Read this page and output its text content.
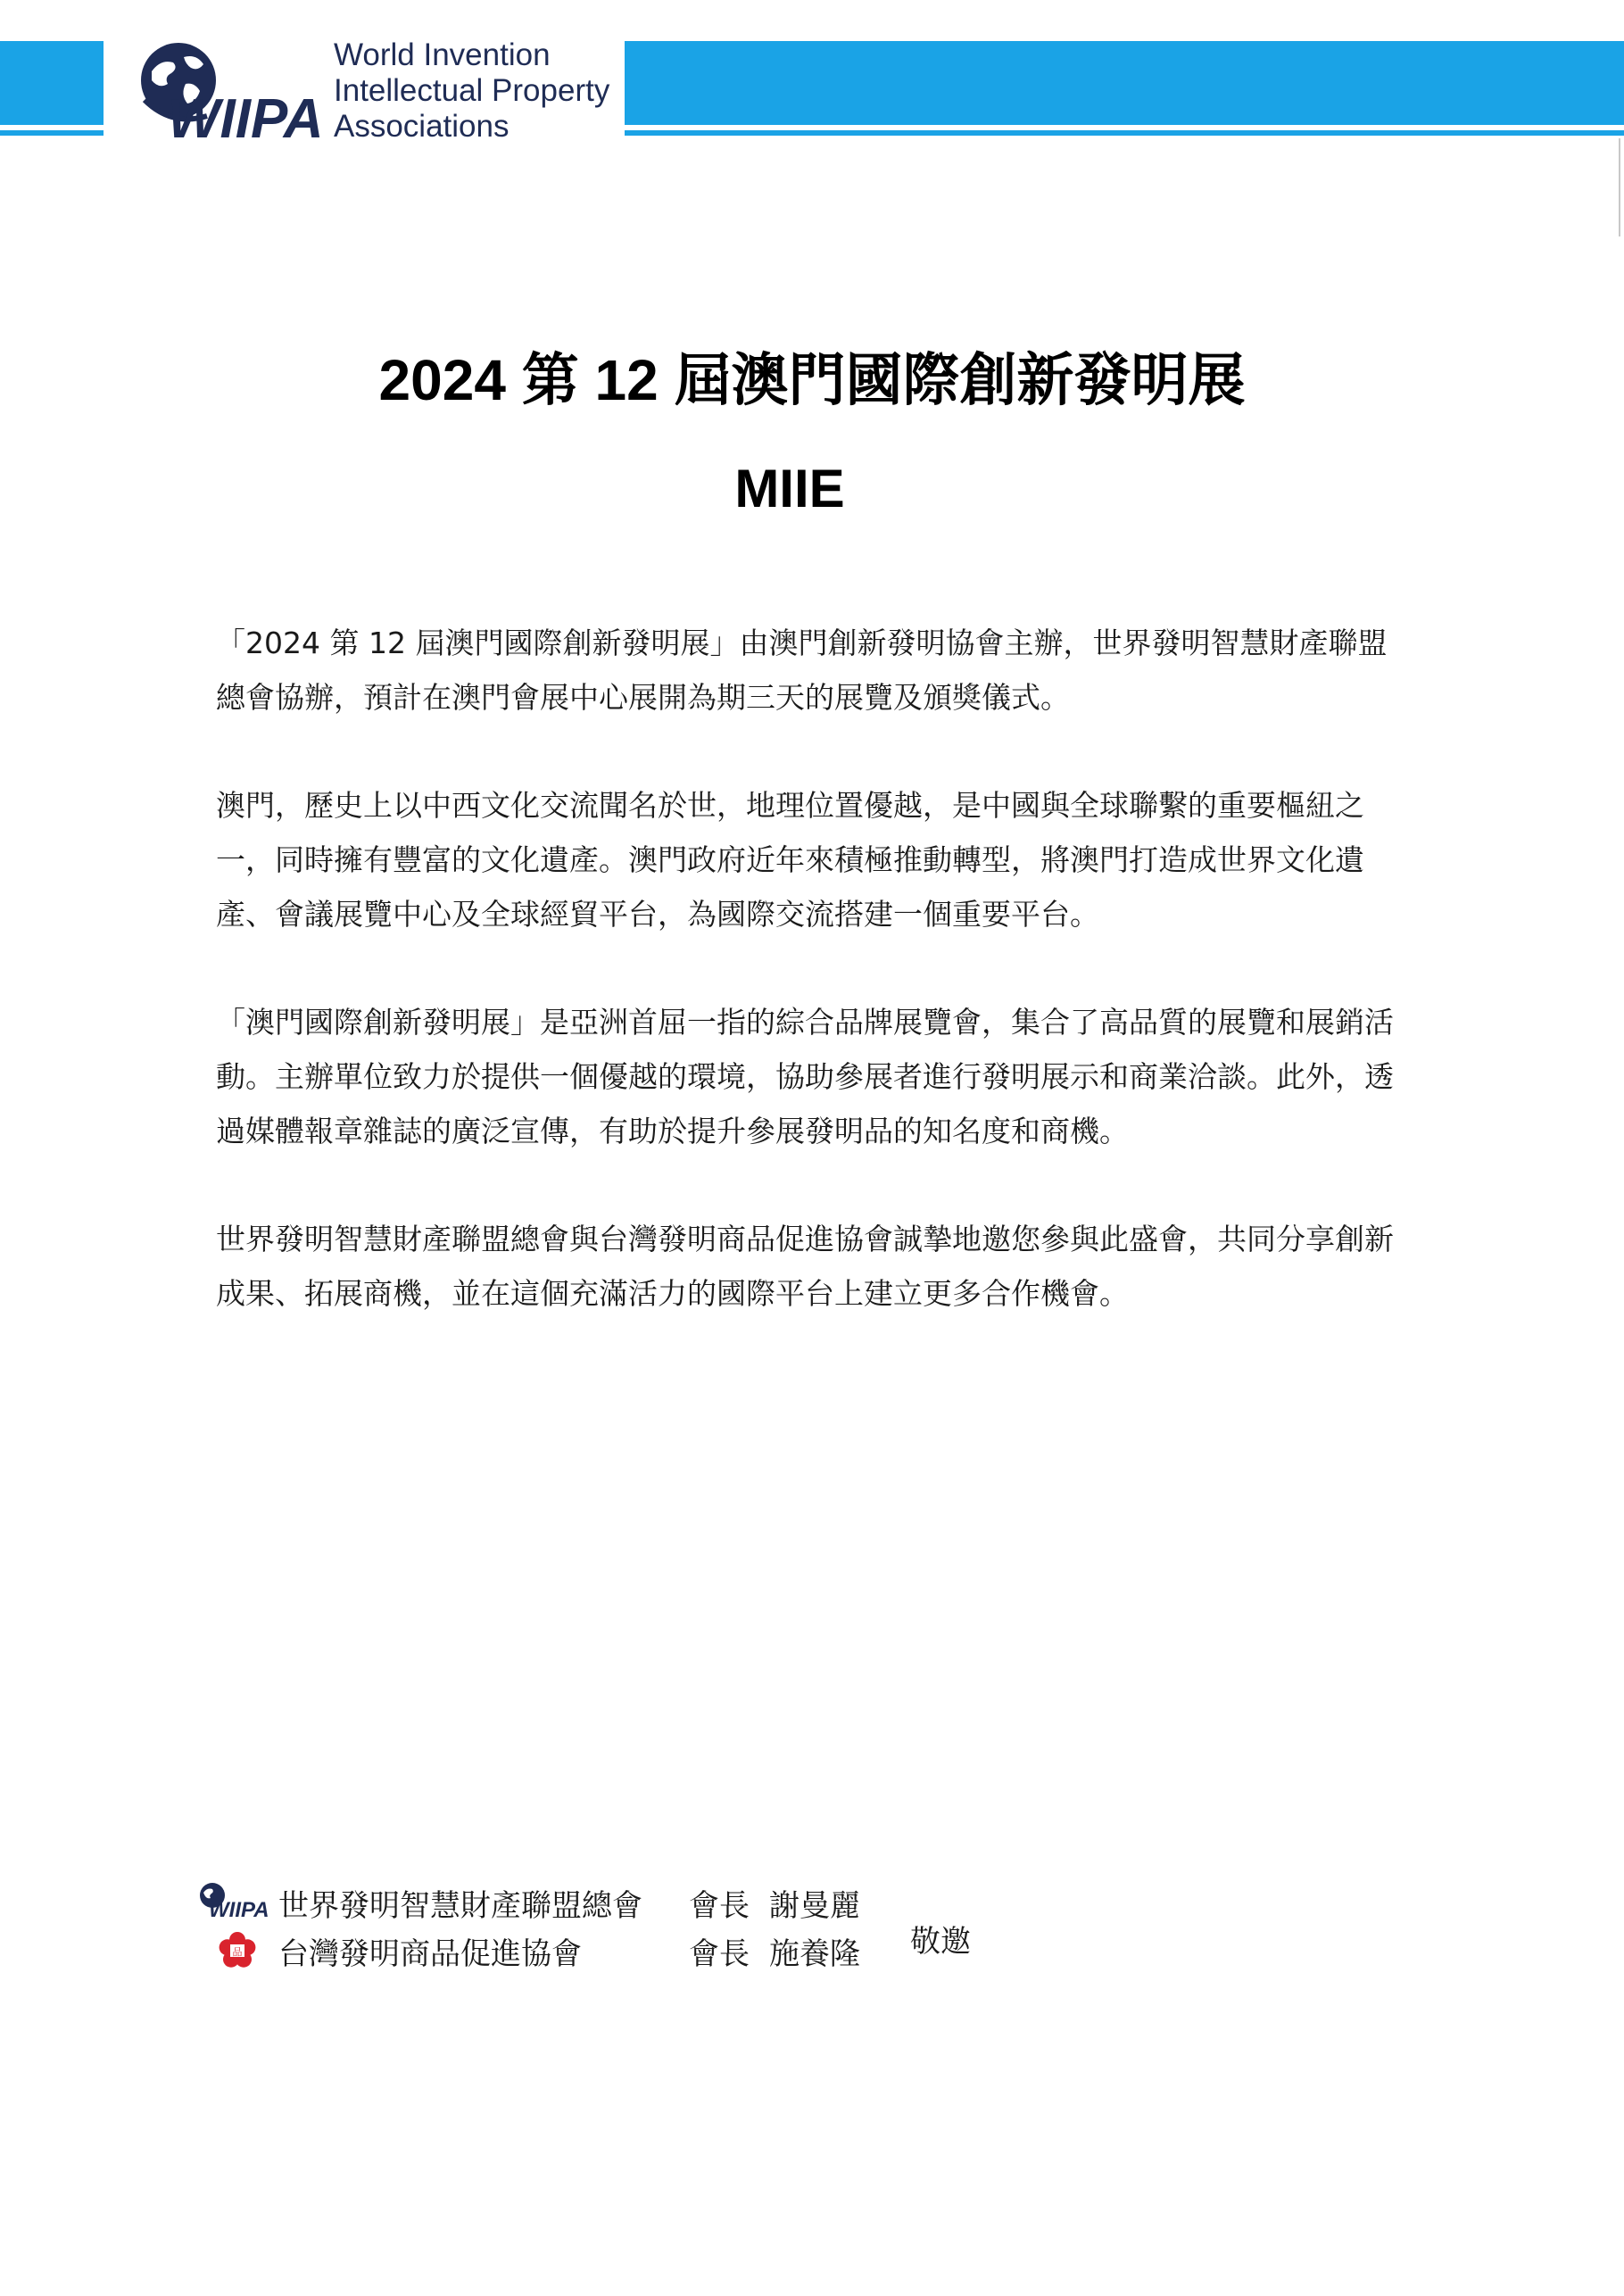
WIIPA
World Invention
Intellectual Property
Associations
2024 第 12 屆澳門國際創新發明展
MIIE

「2024 第 12 屆澳門國際創新發明展」由澳門創新發明協會主辦，世界發明智慧財產聯盟總會協辦，預計在澳門會展中心展開為期三天的展覽及頒獎儀式。

澳門，歷史上以中西文化交流聞名於世，地理位置優越，是中國與全球聯繫的重要樞紐之一，同時擁有豐富的文化遺產。澳門政府近年來積極推動轉型，將澳門打造成世界文化遺產、會議展覽中心及全球經貿平台，為國際交流搭建一個重要平台。

「澳門國際創新發明展」是亞洲首屈一指的綜合品牌展覽會，集合了高品質的展覽和展銷活動。主辦單位致力於提供一個優越的環境，協助參展者進行發明展示和商業洽談。此外，透過媒體報章雜誌的廣泛宣傳，有助於提升參展發明品的知名度和商機。

世界發明智慧財產聯盟總會與台灣發明商品促進協會誠摯地邀您參與此盛會，共同分享創新成果、拓展商機，並在這個充滿活力的國際平台上建立更多合作機會。

WIIPA 世界發明智慧財產聯盟總會 會長 謝曼麗
品 台灣發明商品促進協會	會長 施養隆 敬邀
